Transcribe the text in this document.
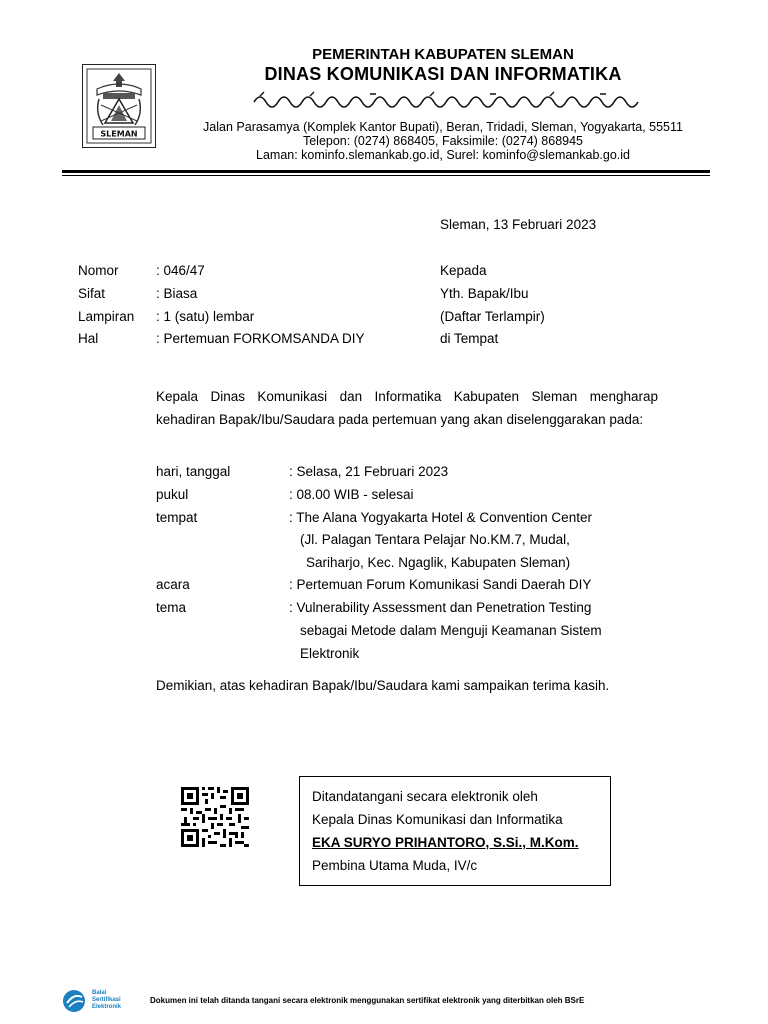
SLEMAN
PEMERINTAH KABUPATEN SLEMAN
DINAS KOMUNIKASI DAN INFORMATIKA
Jalan Parasamya (Komplek Kantor Bupati), Beran, Tridadi, Sleman, Yogyakarta, 55511
Telepon: (0274) 868405, Faksimile: (0274) 868945
Laman: kominfo.slemankab.go.id, Surel: kominfo@slemankab.go.id
Sleman, 13 Februari 2023
Nomor	: 046/47
Sifat	: Biasa
Lampiran : 1 (satu) lembar
Hal	: Pertemuan FORKOMSANDA DIY
Kepada
Yth. Bapak/Ibu
(Daftar Terlampir)
di Tempat
Kepala Dinas Komunikasi dan Informatika Kabupaten Sleman mengharap kehadiran Bapak/Ibu/Saudara pada pertemuan yang akan diselenggarakan pada:
hari, tanggal	: Selasa, 21 Februari 2023
pukul	: 08.00 WIB - selesai
tempat	: The Alana Yogyakarta Hotel & Convention Center
(Jl. Palagan Tentara Pelajar No.KM.7, Mudal,
Sariharjo, Kec. Ngaglik, Kabupaten Sleman)
acara	: Pertemuan Forum Komunikasi Sandi Daerah DIY
tema	: Vulnerability Assessment dan Penetration Testing
sebagai Metode dalam Menguji Keamanan Sistem
Elektronik
Demikian, atas kehadiran Bapak/Ibu/Saudara kami sampaikan terima kasih.
Ditandatangani secara elektronik oleh
Kepala Dinas Komunikasi dan Informatika
EKA SURYO PRIHANTORO, S.Si., M.Kom.
Pembina Utama Muda, IV/c
Balai
Sertifikasi
Elektronik
Dokumen ini telah ditanda tangani secara elektronik menggunakan sertifikat elektronik yang diterbitkan oleh BSrE
